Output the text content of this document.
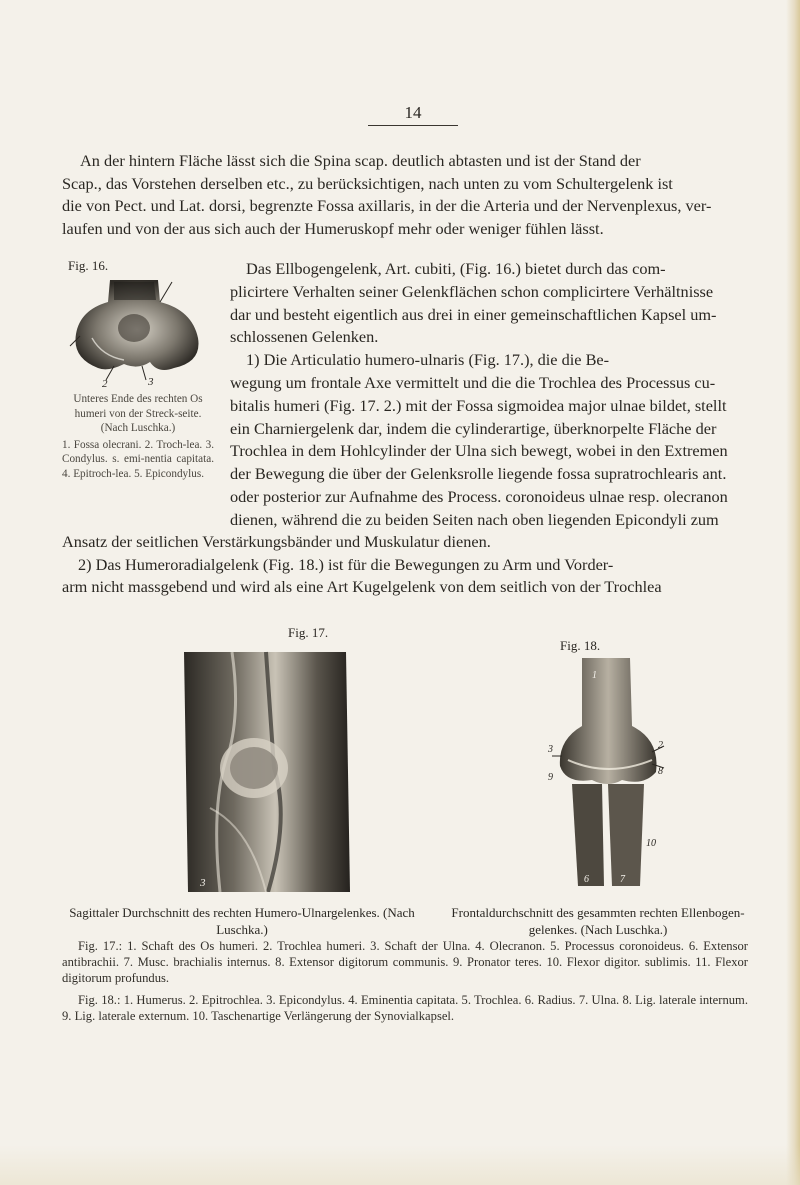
14
An der hintern Fläche lässt sich die Spina scap. deutlich abtasten und ist der Stand der
Scap., das Vorstehen derselben etc., zu berücksichtigen, nach unten zu vom Schultergelenk ist
die von Pect. und Lat. dorsi, begrenzte Fossa axillaris, in der die Arteria und der Nervenplexus, ver-
laufen und von der aus sich auch der Humeruskopf mehr oder weniger fühlen lässt.
Fig. 16.
2	3
Unteres Ende des rechten Os humeri von der Streck-seite. (Nach Luschka.)
1. Fossa olecrani. 2. Troch-lea. 3. Condylus. s. emi-nentia capitata. 4. Epitroch-lea. 5. Epicondylus.
Das Ellbogengelenk, Art. cubiti, (Fig. 16.) bietet durch das com-
plicirtere Verhalten seiner Gelenkflächen schon complicirtere Verhältnisse
dar und besteht eigentlich aus drei in einer gemeinschaftlichen Kapsel um-
schlossenen Gelenken.
1) Die Articulatio humero-ulnaris (Fig. 17.), die die Be-
wegung um frontale Axe vermittelt und die die Trochlea des Processus cu-
bitalis humeri (Fig. 17. 2.) mit der Fossa sigmoidea major ulnae bildet, stellt
ein Charniergelenk dar, indem die cylinderartige, überknorpelte Fläche der
Trochlea in dem Hohlcylinder der Ulna sich bewegt, wobei in den Extremen
der Bewegung die über der Gelenksrolle liegende fossa supratrochlearis ant.
oder posterior zur Aufnahme des Process. coronoideus ulnae resp. olecranon
dienen, während die zu beiden Seiten nach oben liegenden Epicondyli zum
Ansatz der seitlichen Verstärkungsbänder und Muskulatur dienen.
2) Das Humeroradialgelenk (Fig. 18.) ist für die Bewegungen zu Arm und Vorder-
arm nicht massgebend und wird als eine Art Kugelgelenk von dem seitlich von der Trochlea
Fig. 17.
3
Fig. 18.
1
2
3
8
9
10
6	7
Sagittaler Durchschnitt des rechten Humero-Ulnargelenkes. (Nach Luschka.)
Frontaldurchschnitt des gesammten rechten Ellenbogen-gelenkes. (Nach Luschka.)
Fig. 17.: 1. Schaft des Os humeri. 2. Trochlea humeri. 3. Schaft der Ulna. 4. Olecranon. 5. Processus coronoideus. 6. Extensor antibrachii. 7. Musc. brachialis internus. 8. Extensor digitorum communis. 9. Pronator teres. 10. Flexor digitor. sublimis. 11. Flexor digitorum profundus.
Fig. 18.: 1. Humerus. 2. Epitrochlea. 3. Epicondylus. 4. Eminentia capitata. 5. Trochlea. 6. Radius. 7. Ulna. 8. Lig. laterale internum. 9. Lig. laterale externum. 10. Taschenartige Verlängerung der Synovialkapsel.
